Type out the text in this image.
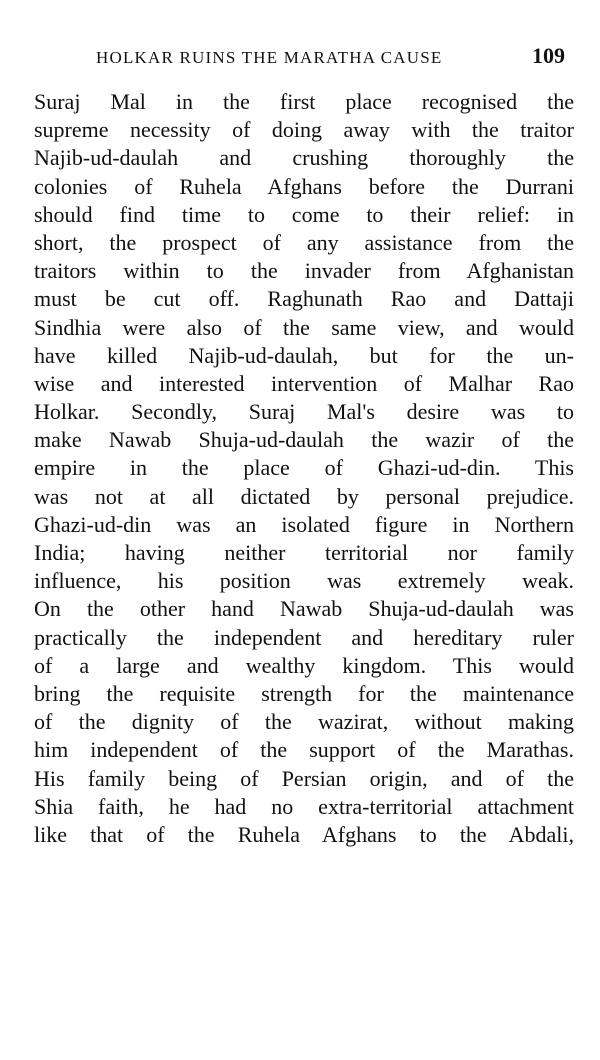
HOLKAR RUINS THE MARATHA CAUSE	109
Suraj Mal in the first place recognised the
supreme necessity of doing away with the traitor
Najib-ud-daulah and crushing thoroughly the
colonies of Ruhela Afghans before the Durrani
should find time to come to their relief: in
short, the prospect of any assistance from the
traitors within to the invader from Afghanistan
must be cut off. Raghunath Rao and Dattaji
Sindhia were also of the same view, and would
have killed Najib-ud-daulah, but for the un-
wise and interested intervention of Malhar Rao
Holkar. Secondly, Suraj Mal's desire was to
make Nawab Shuja-ud-daulah the wazir of the
empire in the place of Ghazi-ud-din. This
was not at all dictated by personal prejudice.
Ghazi-ud-din was an isolated figure in Northern
India; having neither territorial nor family
influence, his position was extremely weak.
On the other hand Nawab Shuja-ud-daulah was
practically the independent and hereditary ruler
of a large and wealthy kingdom. This would
bring the requisite strength for the maintenance
of the dignity of the wazirat, without making
him independent of the support of the Marathas.
His family being of Persian origin, and of the
Shia faith, he had no extra-territorial attachment
like that of the Ruhela Afghans to the Abdali,
